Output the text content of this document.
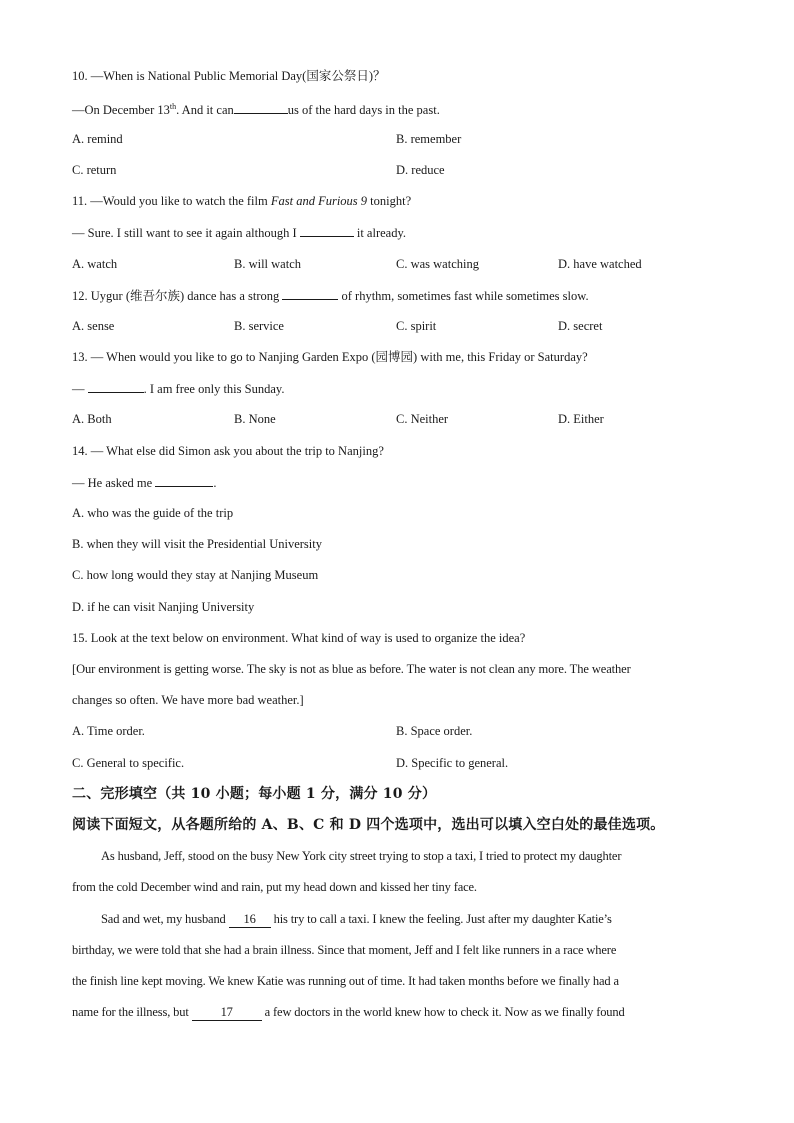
10. —When is National Public Memorial Day(国家公祭日)？
—On December 13th. And it can	us of the hard days in the past.
A. remind	B. remember
C. return	D. reduce
11. —Would you like to watch the film Fast and Furious 9 tonight?
— Sure. I still want to see it again although I	it already.
A. watch	B. will watch	C. was watching	D. have watched
12. Uygur (维吾尔族) dance has a strong	of rhythm, sometimes fast while sometimes slow.
A. sense	B. service	C. spirit	D. secret
13. — When would you like to go to Nanjing Garden Expo (园博园) with me, this Friday or Saturday?
—	. I am free only this Sunday.
A. Both	B. None	C. Neither	D. Either
14. — What else did Simon ask you about the trip to Nanjing?
— He asked me	.
A. who was the guide of the trip
B. when they will visit the Presidential University
C. how long would they stay at Nanjing Museum
D. if he can visit Nanjing University
15. Look at the text below on environment. What kind of way is used to organize the idea?
[Our environment is getting worse. The sky is not as blue as before. The water is not clean any more. The weather
changes so often. We have more bad weather.]
A. Time order.	B. Space order.
C. General to specific.	D. Specific to general.
二、完形填空（共 10 小题；每小题 1 分，满分 10 分）
阅读下面短文，从各题所给的 A、B、C 和 D 四个选项中，选出可以填入空白处的最佳选项。
As husband, Jeff, stood on the busy New York city street trying to stop a taxi, I tried to protect my daughter
from the cold December wind and rain, put my head down and kissed her tiny face.
Sad and wet, my husband 16 his try to call a taxi. I knew the feeling. Just after my daughter Katie’s
birthday, we were told that she had a brain illness. Since that moment, Jeff and I felt like runners in a race where
the finish line kept moving. We knew Katie was running out of time. It had taken months before we finally had a
name for the illness, but 17 a few doctors in the world knew how to check it. Now as we finally found
